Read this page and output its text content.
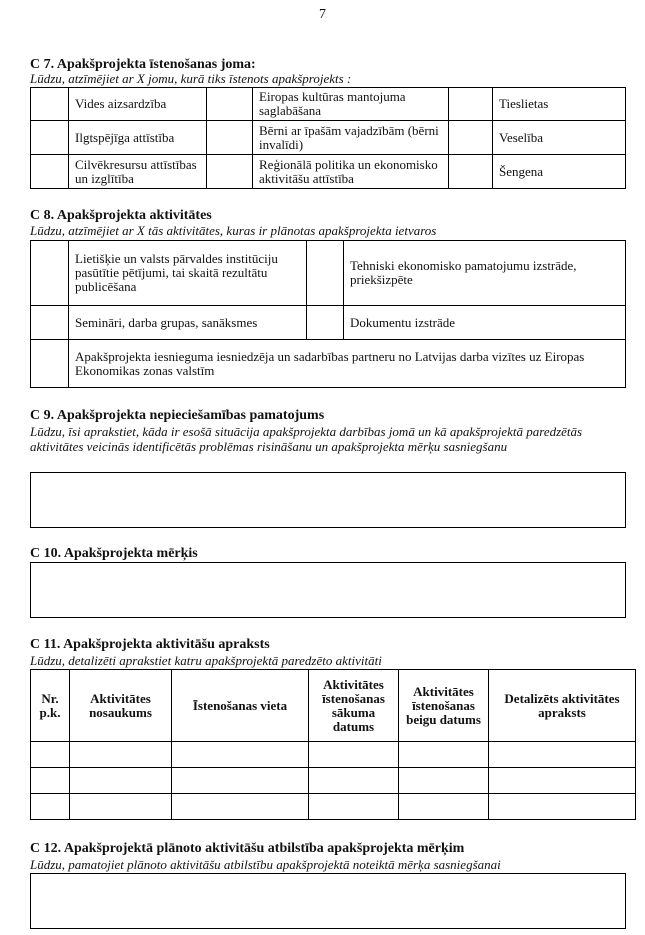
7
C 7. Apakšprojekta īstenošanas joma:
Lūdzu, atzīmējiet ar X jomu, kurā tiks īstenots apakšprojekts :
	Vides aizsardzība		Eiropas kultūras mantojuma saglabāšana		Tieslietas
	Ilgtspējīga attīstība		Bērni ar īpašām vajadzībām (bērni invalīdi)		Veselība
	Cilvēkresursu attīstības un izglītība		Reģionālā politika un ekonomisko aktivitāšu attīstība		Šengena
C 8. Apakšprojekta aktivitātes
Lūdzu, atzīmējiet ar X tās aktivitātes, kuras ir plānotas apakšprojekta ietvaros
	Lietišķie un valsts pārvaldes institūciju pasūtītie pētījumi, tai skaitā rezultātu publicēšana		Tehniski ekonomisko pamatojumu izstrāde, priekšizpēte
	Semināri, darba grupas, sanāksmes		Dokumentu izstrāde
	Apakšprojekta iesnieguma iesniedzēja un sadarbības partneru no Latvijas darba vizītes uz Eiropas Ekonomikas zonas valstīm		
C 9. Apakšprojekta nepieciešamības pamatojums
Lūdzu, īsi aprakstiet, kāda ir esošā situācija apakšprojekta darbības jomā un kā apakšprojektā paredzētās aktivitātes veicinās identificētās problēmas risināšanu un apakšprojekta mērķu sasniegšanu
C 10. Apakšprojekta mērķis
C 11. Apakšprojekta aktivitāšu apraksts
Lūdzu, detalizēti aprakstiet katru apakšprojektā paredzēto aktivitāti
Nr. p.k.	Aktivitātes nosaukums	Īstenošanas vieta	Aktivitātes īstenošanas sākuma datums	Aktivitātes īstenošanas beigu datums	Detalizēts aktivitātes apraksts

C 12. Apakšprojektā plānoto aktivitāšu atbilstība apakšprojekta mērķim
Lūdzu, pamatojiet plānoto aktivitāšu atbilstību apakšprojektā noteiktā mērķa sasniegšanai
